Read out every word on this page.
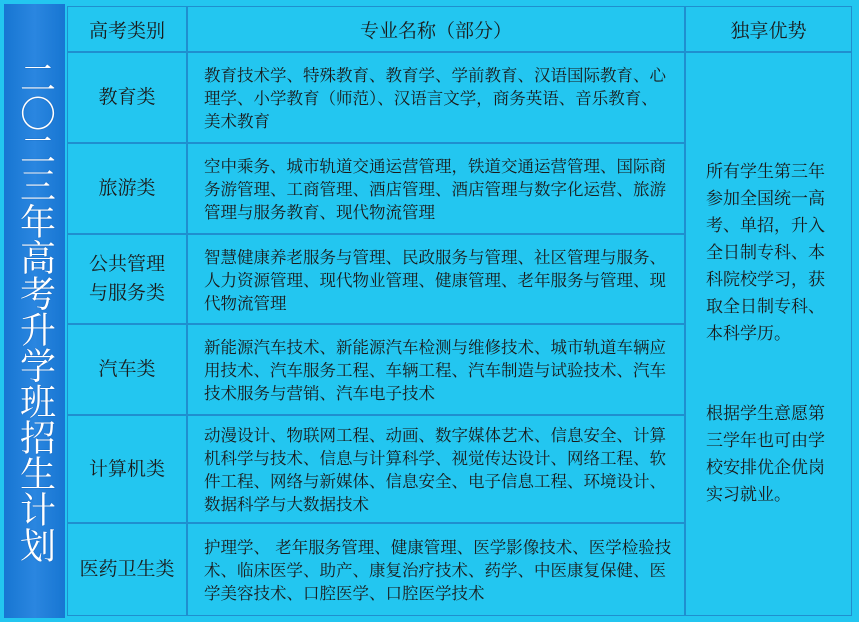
二〇二三年高考升学班招生计划
高考类别	专业名称（部分）	独享优势
教育类
教育技术学、特殊教育、教育学、学前教育、汉语国际教育、心理学、小学教育（师范）、汉语言文学，商务英语、音乐教育、美术教育
旅游类
空中乘务、城市轨道交通运营管理，铁道交通运营管理、国际商务游管理、工商管理、酒店管理、酒店管理与数字化运营、旅游管理与服务教育、现代物流管理
公共管理与服务类
智慧健康养老服务与管理、民政服务与管理、社区管理与服务、人力资源管理、现代物业管理、健康管理、老年服务与管理、现代物流管理
汽车类
新能源汽车技术、新能源汽车检测与维修技术、城市轨道车辆应用技术、汽车服务工程、车辆工程、汽车制造与试验技术、汽车技术服务与营销、汽车电子技术
计算机类
动漫设计、物联网工程、动画、数字媒体艺术、信息安全、计算机科学与技术、信息与计算科学、视觉传达设计、网络工程、软件工程、网络与新媒体、信息安全、电子信息工程、环境设计、数据科学与大数据技术
医药卫生类
护理学、 老年服务管理、健康管理、医学影像技术、医学检验技术、临床医学、助产、康复治疗技术、药学、中医康复保健、医学美容技术、口腔医学、口腔医学技术

所有学生第三年参加全国统一高考、单招，升入全日制专科、本科院校学习，获取全日制专科、本科学历。

根据学生意愿第三学年也可由学校安排优企优岗实习就业。
